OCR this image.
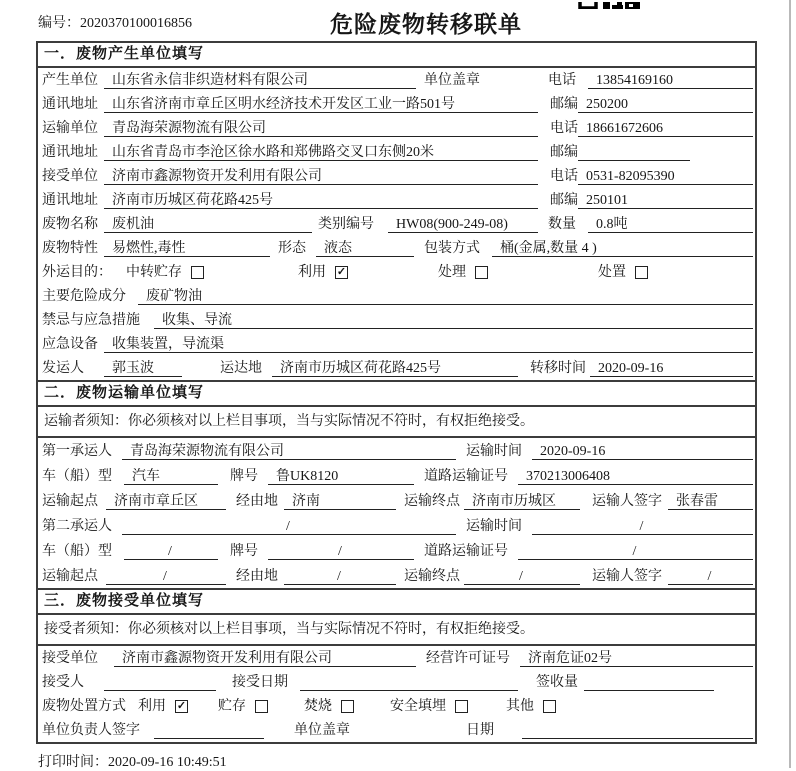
编号：2020370100016856	危险废物转移联单
一．废物产生单位填写
产生单位	山东省永信非织造材料有限公司	单位盖章	电话	13854169160
通讯地址	山东省济南市章丘区明水经济技术开发区工业一路501号	邮编 250200
运输单位	青岛海荣源物流有限公司	电话 18661672606
通讯地址	山东省青岛市李沧区徐水路和郑佛路交叉口东侧20米	邮编
接受单位	济南市鑫源物资开发利用有限公司	电话 0531-82095390
通讯地址	济南市历城区荷花路425号	邮编 250101
废物名称	废机油	类别编号	HW08(900-249-08)	数量	0.8吨
废物特性	易燃性,毒性	形态	液态	包装方式	桶(金属,数量 4 )
外运目的：	中转贮存	利用 ✓	处理	处置
主要危险成分	废矿物油
禁忌与应急措施	收集、导流
应急设备	收集装置，导流渠
发运人	郭玉波	运达地	济南市历城区荷花路425号	转移时间 2020-09-16
二．废物运输单位填写
运输者须知：你必须核对以上栏目事项，当与实际情况不符时，有权拒绝接受。
第一承运人	青岛海荣源物流有限公司	运输时间	2020-09-16
车（船）型	汽车	牌号	鲁UK8120	道路运输证号	370213006408
运输起点	济南市章丘区	经由地	济南	运输终点 济南市历城区	运输人签字	张春雷
第二承运人	/	运输时间	/
车（船）型	/	牌号	/	道路运输证号	/
运输起点	/	经由地	/	运输终点	/	运输人签字	/
三．废物接受单位填写
接受者须知：你必须核对以上栏目事项，当与实际情况不符时，有权拒绝接受。
接受单位	济南市鑫源物资开发利用有限公司	经营许可证号	济南危证02号
接受人	接受日期	签收量
废物处置方式 利用 ✓ 贮存	焚烧	安全填埋	其他
单位负责人签字	单位盖章	日期
打印时间：2020-09-16 10:49:51
